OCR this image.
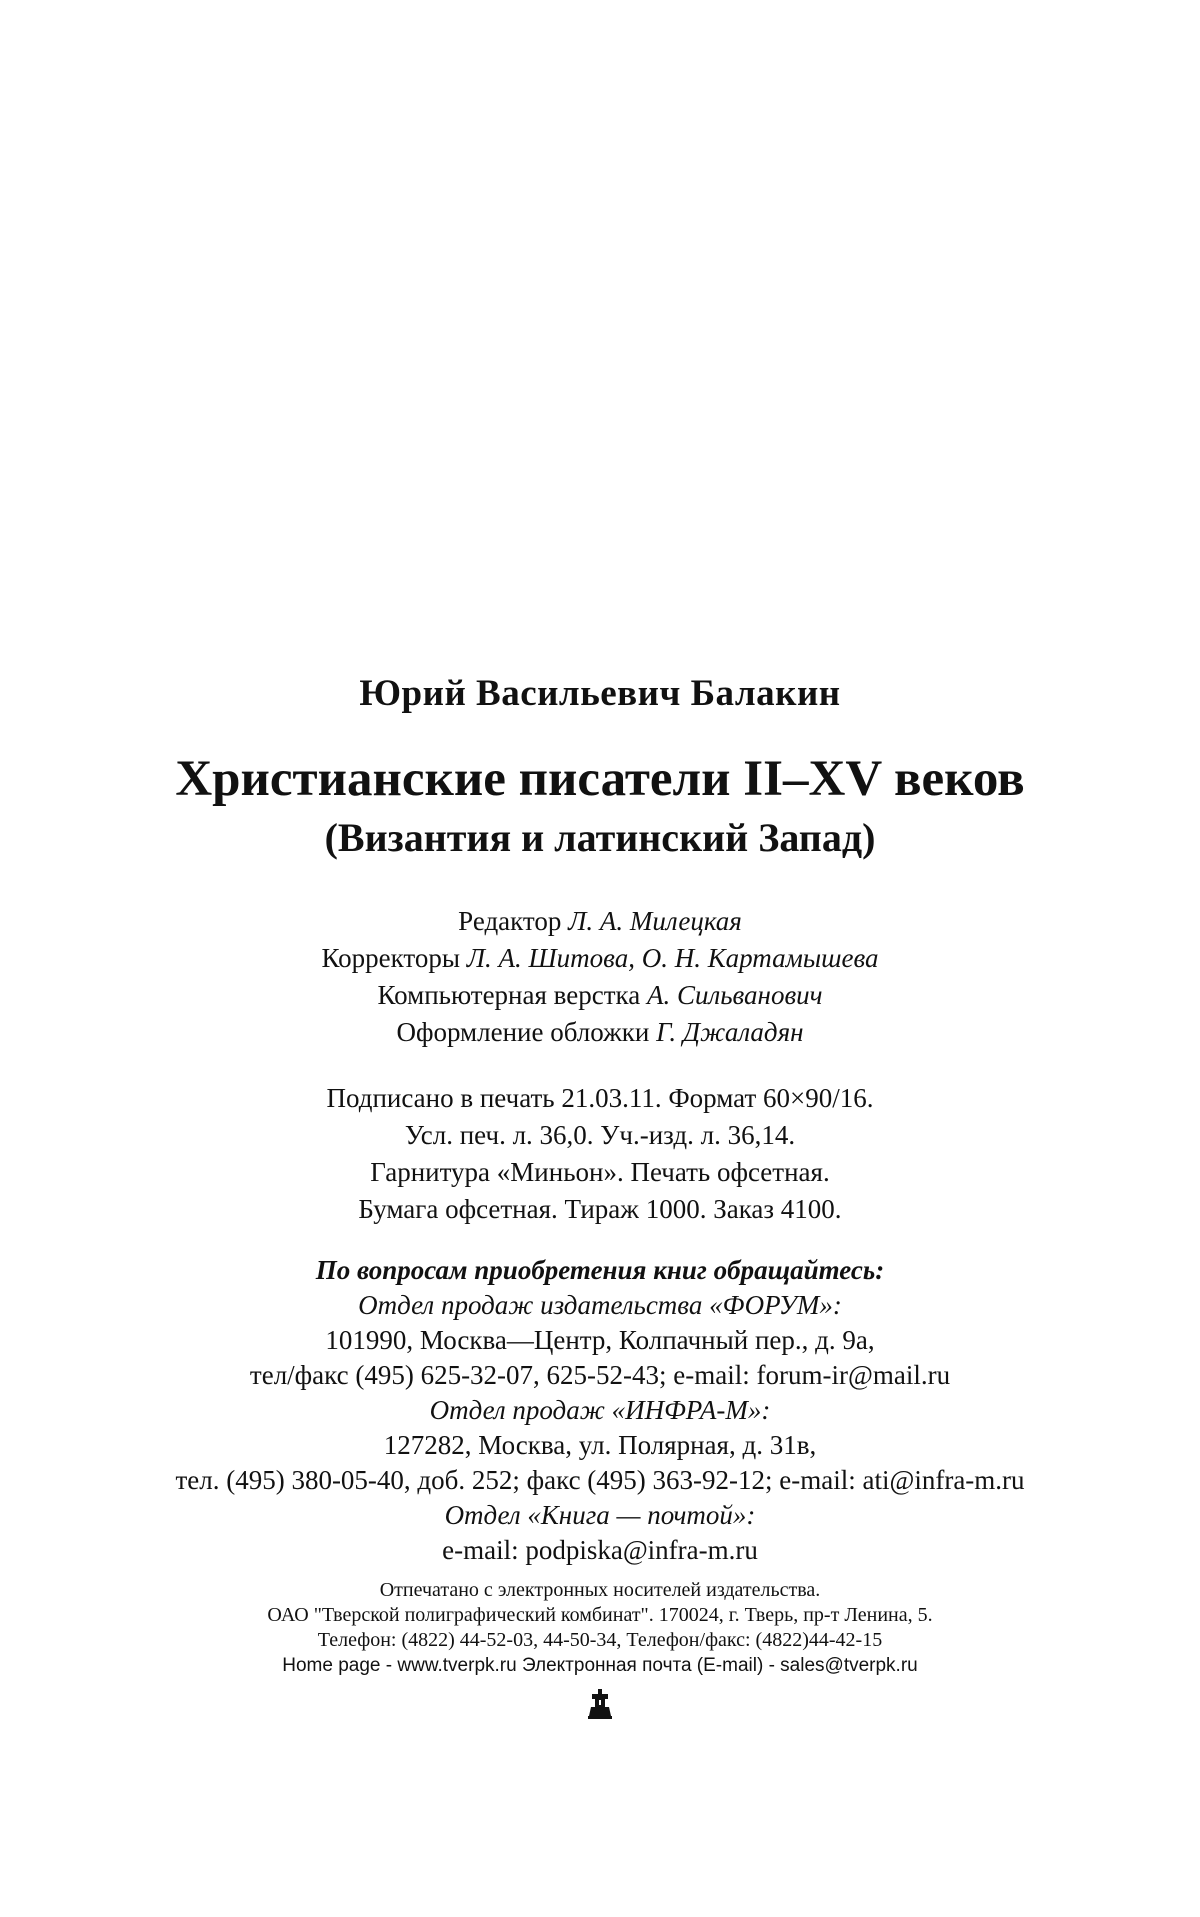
Юрий Васильевич Балакин
Христианские писатели II–XV веков
(Византия и латинский Запад)
Редактор Л. А. Милецкая
Корректоры Л. А. Шитова, О. Н. Картамышева
Компьютерная верстка А. Сильванович
Оформление обложки Г. Джаладян
Подписано в печать 21.03.11. Формат 60×90/16.
Усл. печ. л. 36,0. Уч.-изд. л. 36,14.
Гарнитура «Миньон». Печать офсетная.
Бумага офсетная. Тираж 1000. Заказ 4100.
По вопросам приобретения книг обращайтесь:
Отдел продаж издательства «ФОРУМ»:
101990, Москва—Центр, Колпачный пер., д. 9а,
тел/факс (495) 625-32-07, 625-52-43; e-mail: forum-ir@mail.ru
Отдел продаж «ИНФРА-М»:
127282, Москва, ул. Полярная, д. 31в,
тел. (495) 380-05-40, доб. 252; факс (495) 363-92-12; e-mail: ati@infra-m.ru
Отдел «Книга — почтой»:
e-mail: podpiska@infra-m.ru
Отпечатано с электронных носителей издательства.
ОАО "Тверской полиграфический комбинат". 170024, г. Тверь, пр-т Ленина, 5.
Телефон: (4822) 44-52-03, 44-50-34, Телефон/факс: (4822)44-42-15
Home page - www.tverpk.ru Электронная почта (E-mail) - sales@tverpk.ru
